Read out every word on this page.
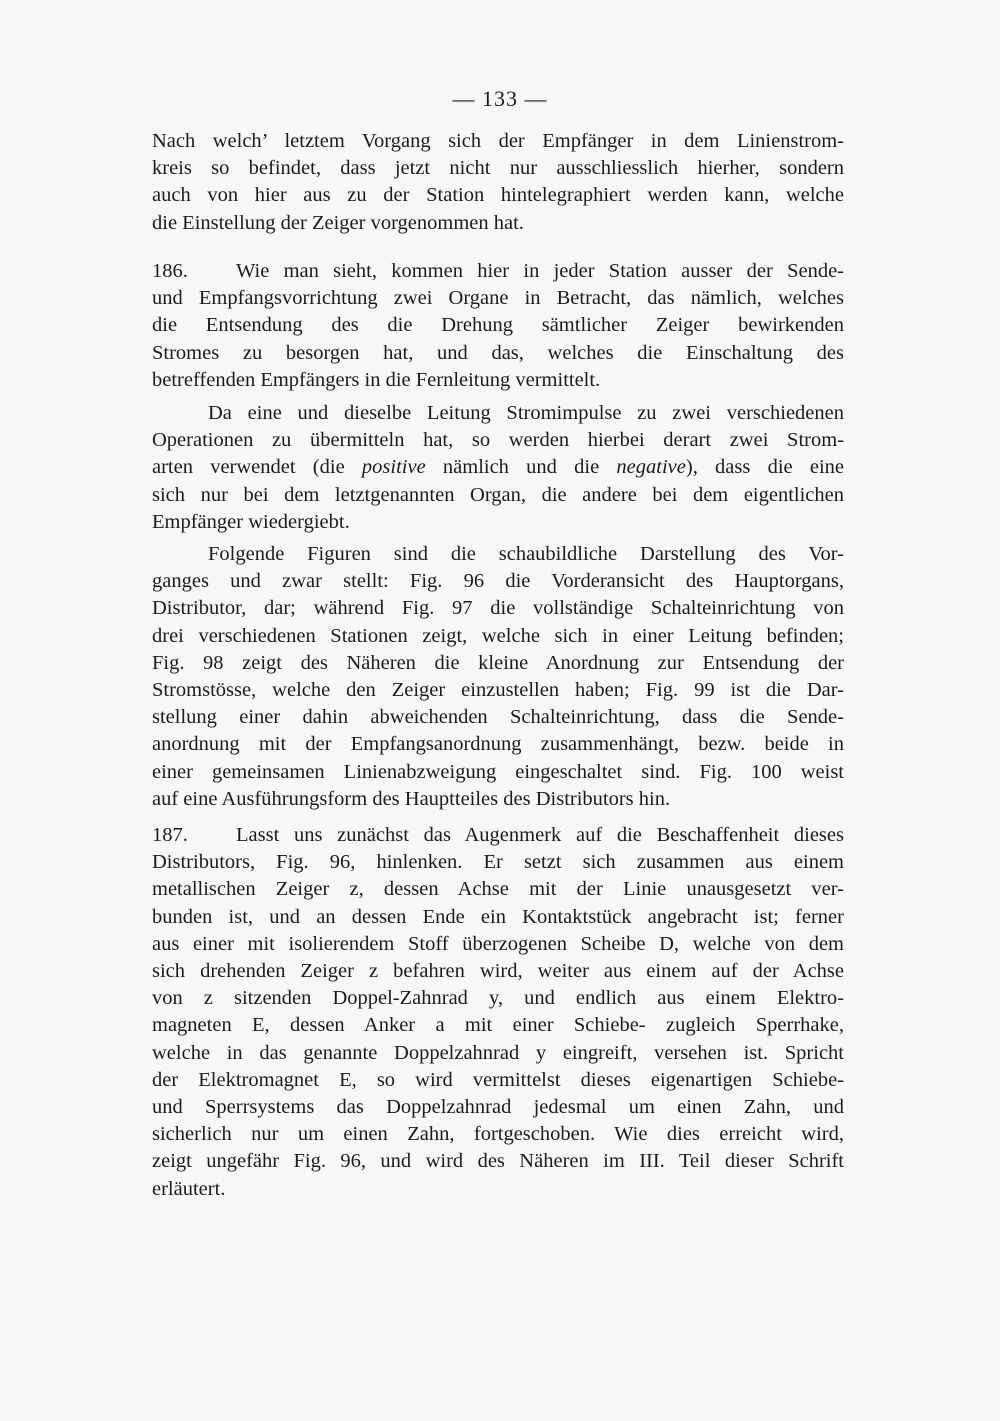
— 133 —
Nach welch’ letztem Vorgang sich der Empfänger in dem Linienstrom-
kreis so befindet, dass jetzt nicht nur ausschliesslich hierher, sondern
auch von hier aus zu der Station hintelegraphiert werden kann, welche
die Einstellung der Zeiger vorgenommen hat.
186. Wie man sieht, kommen hier in jeder Station ausser der Sende-
und Empfangsvorrichtung zwei Organe in Betracht, das nämlich, welches
die Entsendung des die Drehung sämtlicher Zeiger bewirkenden
Stromes zu besorgen hat, und das, welches die Einschaltung des
betreffenden Empfängers in die Fernleitung vermittelt.
Da eine und dieselbe Leitung Stromimpulse zu zwei verschiedenen
Operationen zu übermitteln hat, so werden hierbei derart zwei Strom-
arten verwendet (die positive nämlich und die negative), dass die eine
sich nur bei dem letztgenannten Organ, die andere bei dem eigentlichen
Empfänger wiedergiebt.
Folgende Figuren sind die schaubildliche Darstellung des Vor-
ganges und zwar stellt: Fig. 96 die Vorderansicht des Hauptorgans,
Distributor, dar; während Fig. 97 die vollständige Schalteinrichtung von
drei verschiedenen Stationen zeigt, welche sich in einer Leitung befinden;
Fig. 98 zeigt des Näheren die kleine Anordnung zur Entsendung der
Stromstösse, welche den Zeiger einzustellen haben; Fig. 99 ist die Dar-
stellung einer dahin abweichenden Schalteinrichtung, dass die Sende-
anordnung mit der Empfangsanordnung zusammenhängt, bezw. beide in
einer gemeinsamen Linienabzweigung eingeschaltet sind. Fig. 100 weist
auf eine Ausführungsform des Hauptteiles des Distributors hin.
187. Lasst uns zunächst das Augenmerk auf die Beschaffenheit dieses
Distributors, Fig. 96, hinlenken. Er setzt sich zusammen aus einem
metallischen Zeiger z, dessen Achse mit der Linie unausgesetzt ver-
bunden ist, und an dessen Ende ein Kontaktstück angebracht ist; ferner
aus einer mit isolierendem Stoff überzogenen Scheibe D, welche von dem
sich drehenden Zeiger z befahren wird, weiter aus einem auf der Achse
von z sitzenden Doppel-Zahnrad y, und endlich aus einem Elektro-
magneten E, dessen Anker a mit einer Schiebe- zugleich Sperrhake,
welche in das genannte Doppelzahnrad y eingreift, versehen ist. Spricht
der Elektromagnet E, so wird vermittelst dieses eigenartigen Schiebe-
und Sperrsystems das Doppelzahnrad jedesmal um einen Zahn, und
sicherlich nur um einen Zahn, fortgeschoben. Wie dies erreicht wird,
zeigt ungefähr Fig. 96, und wird des Näheren im III. Teil dieser Schrift
erläutert.
